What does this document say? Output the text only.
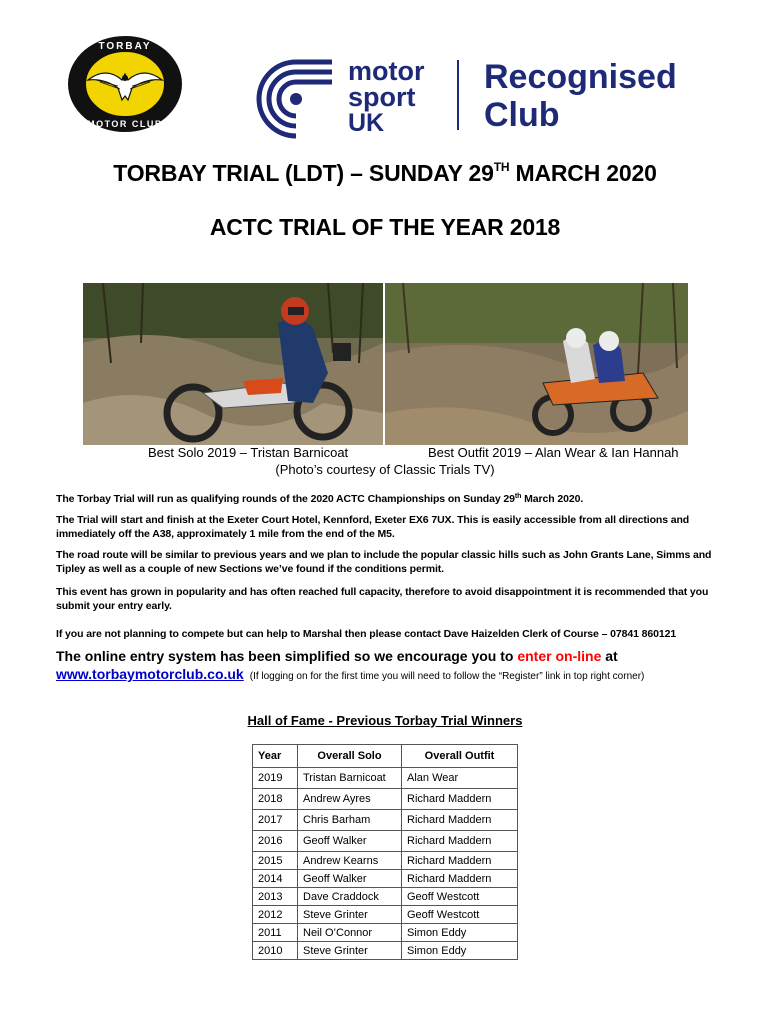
TORBAY
MOTOR CLUB
motor
sport
UK
Recognised
Club
TORBAY TRIAL (LDT) – SUNDAY 29TH MARCH 2020
ACTC TRIAL OF THE YEAR 2018
Best Solo 2019 – Tristan Barnicoat	Best Outfit 2019 – Alan Wear & Ian Hannah
(Photo’s courtesy of Classic Trials TV)
The Torbay Trial will run as qualifying rounds of the 2020 ACTC Championships on Sunday 29th March 2020.
The Trial will start and finish at the Exeter Court Hotel, Kennford, Exeter EX6 7UX. This is easily accessible from all directions and immediately off the A38, approximately 1 mile from the end of the M5.
The road route will be similar to previous years and we plan to include the popular classic hills such as John Grants Lane, Simms and Tipley as well as a couple of new Sections we’ve found if the conditions permit.
This event has grown in popularity and has often reached full capacity, therefore to avoid disappointment it is recommended that you submit your entry early.
If you are not planning to compete but can help to Marshal then please contact Dave Haizelden Clerk of Course – 07841 860121
The online entry system has been simplified so we encourage you to enter on-line at
www.torbaymotorclub.co.uk (If logging on for the first time you will need to follow the “Register” link in top right corner)
Hall of Fame - Previous Torbay Trial Winners
Year	Overall Solo	Overall Outfit
2019	Tristan Barnicoat	Alan Wear
2018	Andrew Ayres	Richard Maddern
2017	Chris Barham	Richard Maddern
2016	Geoff Walker	Richard Maddern
2015	Andrew Kearns	Richard Maddern
2014	Geoff Walker	Richard Maddern
2013	Dave Craddock	Geoff Westcott
2012	Steve Grinter	Geoff Westcott
2011	Neil O’Connor	Simon Eddy
2010	Steve Grinter	Simon Eddy
